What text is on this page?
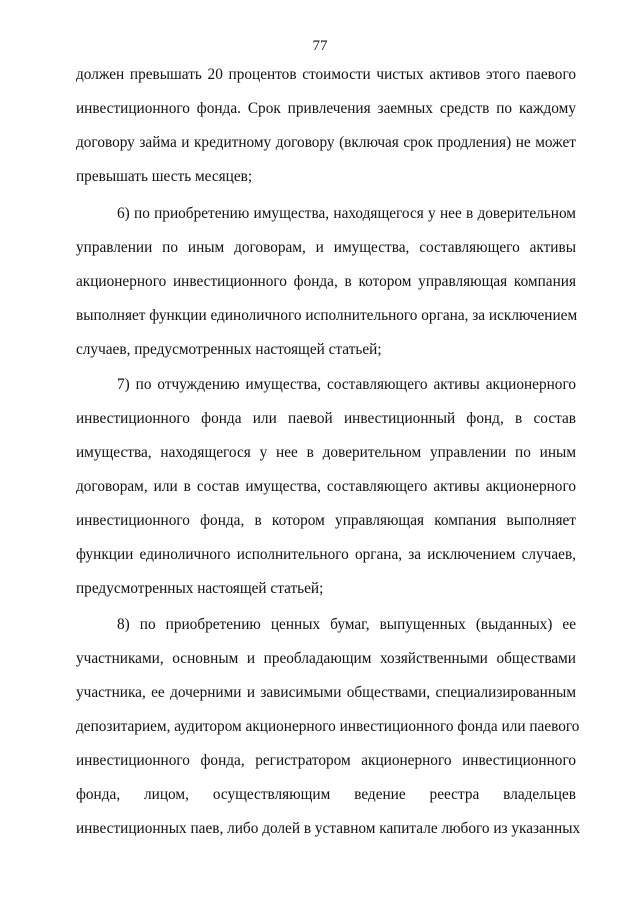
77
должен превышать 20 процентов стоимости чистых активов этого паевого
инвестиционного фонда. Срок привлечения заемных средств по каждому
договору займа и кредитному договору (включая срок продления) не может
превышать шесть месяцев;
6) по приобретению имущества, находящегося у нее в доверительном
управлении по иным договорам, и имущества, составляющего активы
акционерного инвестиционного фонда, в котором управляющая компания
выполняет функции единоличного исполнительного органа, за исключением
случаев, предусмотренных настоящей статьей;
7) по отчуждению имущества, составляющего активы акционерного
инвестиционного фонда или паевой инвестиционный фонд, в состав
имущества, находящегося у нее в доверительном управлении по иным
договорам, или в состав имущества, составляющего активы акционерного
инвестиционного фонда, в котором управляющая компания выполняет
функции единоличного исполнительного органа, за исключением случаев,
предусмотренных настоящей статьей;
8) по приобретению ценных бумаг, выпущенных (выданных) ее
участниками, основным и преобладающим хозяйственными обществами
участника, ее дочерними и зависимыми обществами, специализированным
депозитарием, аудитором акционерного инвестиционного фонда или паевого
инвестиционного фонда, регистратором акционерного инвестиционного
фонда, лицом, осуществляющим ведение реестра владельцев
инвестиционных паев, либо долей в уставном капитале любого из указанных
